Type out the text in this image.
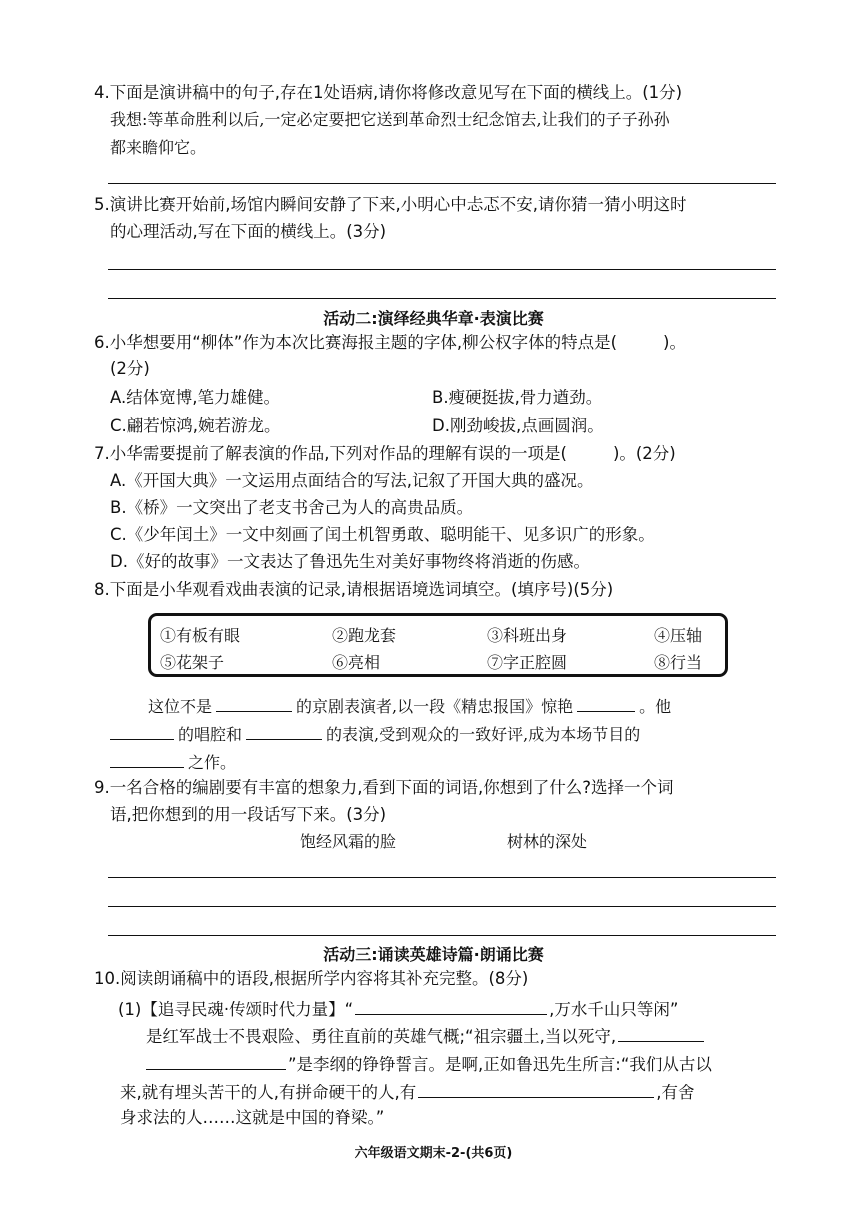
4.下面是演讲稿中的句子,存在1处语病,请你将修改意见写在下面的横线上。(1分)
我想:等革命胜利以后,一定必定要把它送到革命烈士纪念馆去,让我们的子子孙孙
都来瞻仰它。
5.演讲比赛开始前,场馆内瞬间安静了下来,小明心中忐忑不安,请你猜一猜小明这时
的心理活动,写在下面的横线上。(3分)
活动二:演绎经典华章·表演比赛
6.小华想要用“柳体”作为本次比赛海报主题的字体,柳公权字体的特点是(	)。
(2分)
A.结体宽博,笔力雄健。	B.瘦硬挺拔,骨力遒劲。
C.翩若惊鸿,婉若游龙。	D.刚劲峻拔,点画圆润。
7.小华需要提前了解表演的作品,下列对作品的理解有误的一项是(	)。(2分)
A.《开国大典》一文运用点面结合的写法,记叙了开国大典的盛况。
B.《桥》一文突出了老支书舍己为人的高贵品质。
C.《少年闰土》一文中刻画了闰土机智勇敢、聪明能干、见多识广的形象。
D.《好的故事》一文表达了鲁迅先生对美好事物终将消逝的伤感。
8.下面是小华观看戏曲表演的记录,请根据语境选词填空。(填序号)(5分)
①有板有眼	②跑龙套	③科班出身	④压轴
⑤花架子	⑥亮相	⑦字正腔圆	⑧行当
这位不是	的京剧表演者,以一段《精忠报国》惊艳	。他
的唱腔和	的表演,受到观众的一致好评,成为本场节目的
之作。
9.一名合格的编剧要有丰富的想象力,看到下面的词语,你想到了什么?选择一个词
语,把你想到的用一段话写下来。(3分)
饱经风霜的脸	树林的深处
活动三:诵读英雄诗篇·朗诵比赛
10.阅读朗诵稿中的语段,根据所学内容将其补充完整。(8分)
(1)【追寻民魂·传颂时代力量】“	,万水千山只等闲”
是红军战士不畏艰险、勇往直前的英雄气概;“祖宗疆土,当以死守,
”是李纲的铮铮誓言。是啊,正如鲁迅先生所言:“我们从古以
来,就有埋头苦干的人,有拼命硬干的人,有	,有舍
身求法的人……这就是中国的脊梁。”
六年级语文期末-2-(共6页)
